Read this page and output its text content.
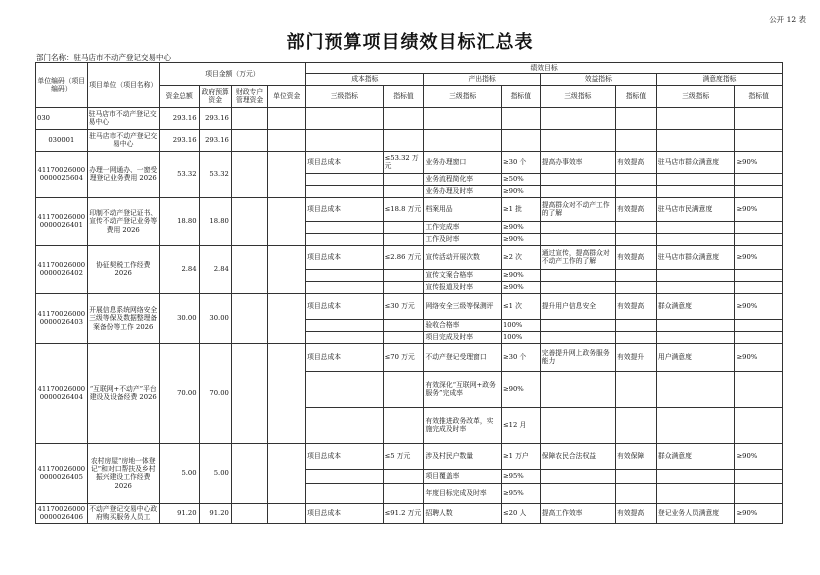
公开 12 表
部门预算项目绩效目标汇总表
部门名称：驻马店市不动产登记交易中心
单位编码（项目编码）	项目单位（项目名称）	项目金额（万元）				绩效目标							
						成本指标		产出指标		效益指标		满意度指标	
		资金总额	政府预算资金	财政专户管理资金	单位资金	三级指标	指标值	三级指标	指标值	三级指标	指标值	三级指标	指标值
030	驻马店市不动产登记交易中心	293.16	293.16										
030001	驻马店市不动产登记交易中心	293.16	293.16										
41170026000 0000025604	办理一网通办、一窗受理登记业务费用 2026	53.32	53.32			项目总成本	≤53.32 万元	业务办理窗口	≥30 个	提高办事效率	有效提高	驻马店市群众满意度	≥90%
								业务流程简化率	≥50%				
								业务办理及时率	≥90%				
41170026000 0000026401	印制不动产登记证书、宣传不动产登记业务等费用 2026	18.80	18.80			项目总成本	≤18.8 万元	档案用品	≥1 批	提高群众对不动产工作的了解	有效提高	驻马店市民满意度	≥90%
								工作完成率	≥90%				
								工作及时率	≥90%				
41170026000 0000026402	协征契税工作经费 2026	2.84	2.84			项目总成本	≤2.86 万元	宣传活动开展次数	≥2 次	通过宣传，提高群众对不动产工作的了解	有效提高	驻马店市群众满意度	≥90%
								宣传文案合格率	≥90%				
								宣传报道及时率	≥90%				
41170026000 0000026403	开展信息系统网络安全三级等保及数据整理备案备份等工作 2026	30.00	30.00			项目总成本	≤30 万元	网络安全三级等保测评	≤1 次	提升用户信息安全	有效提高	群众满意度	≥90%
								验收合格率	100%				
								项目完成及时率	100%				
41170026000 0000026404	“互联网+不动产”平台建设及设备经费 2026	70.00	70.00			项目总成本	≤70 万元	不动产登记受理窗口	≥30 个	完善提升网上政务服务能力	有效提升	用户满意度	≥90%
								有效深化“互联网+政务服务”完成率	≥90%				
								有效推进政务改革，实施完成及时率	≤12 月				
41170026000 0000026405	农村房屋“房地一体登记”和对口帮扶及乡村振兴建设工作经费 2026	5.00	5.00			项目总成本	≤5 万元	涉及村民户数量	≥1 万户	保障农民合法权益	有效保障	群众满意度	≥90%
								项目覆盖率	≥95%				
								年度目标完成及时率	≥95%				
41170026000 0000026406	不动产登记交易中心政府购买服务人员工	91.20	91.20			项目总成本	≤91.2 万元	招聘人数	≤20 人	提高工作效率	有效提高	登记业务人员满意度	≥90%
